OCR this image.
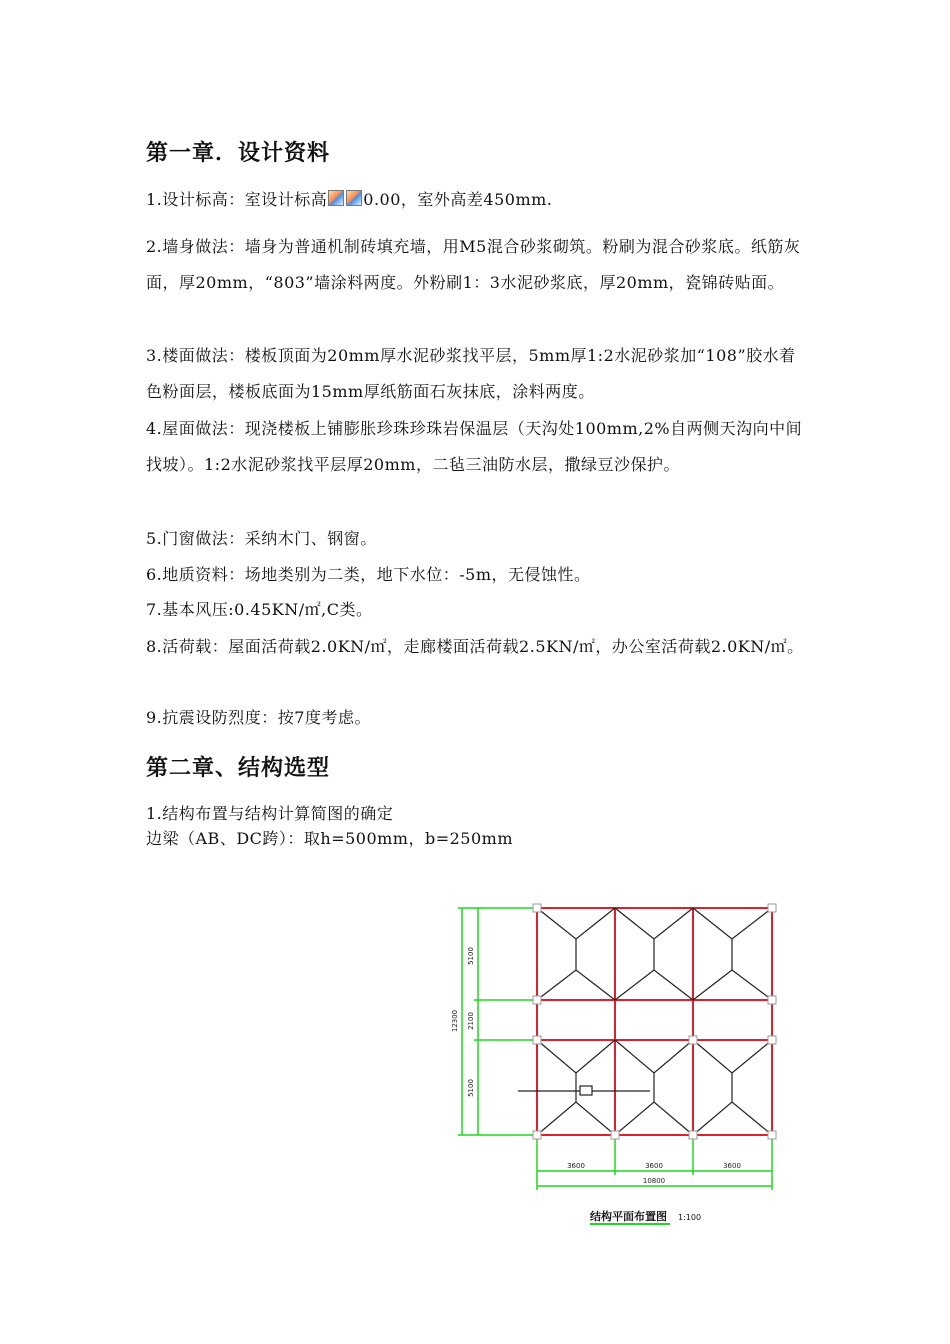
第一章．设计资料
1.设计标高：室设计标高 0.00，室外高差450mm.
2.墙身做法：墙身为普通机制砖填充墙，用M5混合砂浆砌筑。粉刷为混合砂浆底。纸筋灰面，厚20mm，“803”墙涂料两度。外粉刷1：3水泥砂浆底，厚20mm，瓷锦砖贴面。
3.楼面做法：楼板顶面为20mm厚水泥砂浆找平层，5mm厚1:2水泥砂浆加“108”胶水着色粉面层，楼板底面为15mm厚纸筋面石灰抹底，涂料两度。
4.屋面做法：现浇楼板上铺膨胀珍珠珍珠岩保温层（天沟处100mm,2%自两侧天沟向中间找坡）。1:2水泥砂浆找平层厚20mm，二毡三油防水层，撒绿豆沙保护。
5.门窗做法：采纳木门、钢窗。
6.地质资料：场地类别为二类，地下水位：-5m，无侵蚀性。
7.基本风压:0.45KN/㎡,C类。
8.活荷载：屋面活荷载2.0KN/㎡，走廊楼面活荷载2.5KN/㎡，办公室活荷载2.0KN/㎡。
9.抗震设防烈度：按7度考虑。
第二章、结构选型
1.结构布置与结构计算简图的确定
边梁（AB、DC跨）：取h=500mm，b=250mm
5100
2100
5100
12300
3600	3600	3600
10800
结构平面布置图 1:100
